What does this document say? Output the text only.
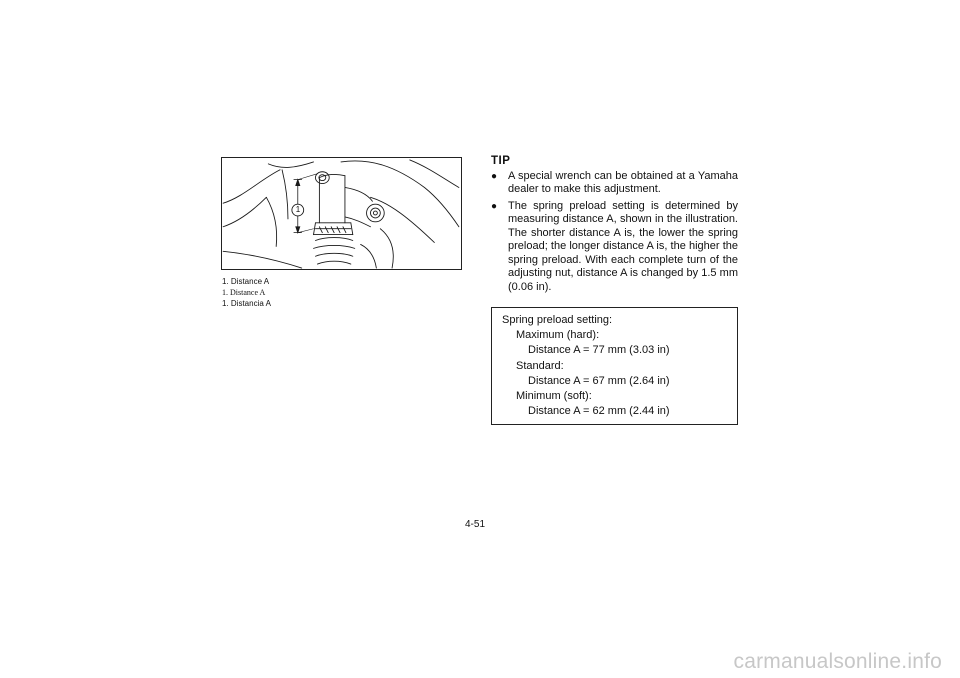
1
1. Distance A
1. Distance A
1. Distancia A
TIP
● A special wrench can be obtained at a Yamaha dealer to make this adjustment.
● The spring preload setting is determined by measuring distance A, shown in the illustration. The shorter distance A is, the lower the spring preload; the longer distance A is, the higher the spring preload. With each complete turn of the adjusting nut, distance A is changed by 1.5 mm (0.06 in).
Spring preload setting:
Maximum (hard):
Distance A = 77 mm (3.03 in)
Standard:
Distance A = 67 mm (2.64 in)
Minimum (soft):
Distance A = 62 mm (2.44 in)
4-51
carmanualsonline.info
